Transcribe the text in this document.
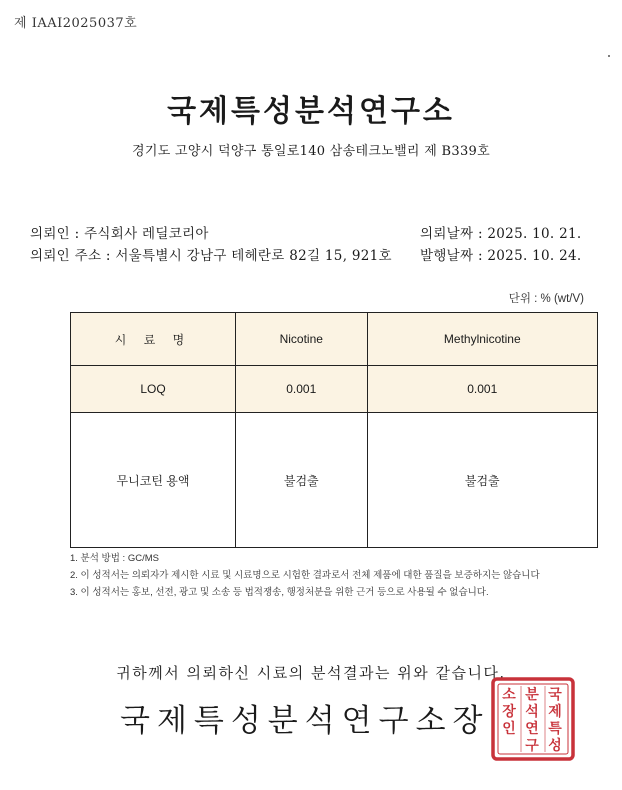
제 IAAI2025037호
국제특성분석연구소
경기도 고양시 덕양구 통일로140 삼송테크노밸리 제 B339호
의뢰인 : 주식회사 레딜코리아
의뢰인 주소 : 서울특별시 강남구 테헤란로 82길 15, 921호
의뢰날짜 : 2025. 10. 21.
발행날짜 : 2025. 10. 24.
단위 : % (wt/V)
시 료 명	Nicotine	Methylnicotine
LOQ	0.001	0.001
무니코틴 용액	불검출	불검출
1. 분석 방법 : GC/MS
2. 이 성적서는 의뢰자가 제시한 시료 및 시료명으로 시험한 결과로서 전체 제품에 대한 품질을 보증하지는 않습니다
3. 이 성적서는 홍보, 선전, 광고 및 소송 등 법적쟁송, 행정처분을 위한 근거 등으로 사용될 수 없습니다.
귀하께서 의뢰하신 시료의 분석결과는 위와 같습니다.
국제특성분석연구소장
국
제
특
성
분
석
연
구
소
장
인
